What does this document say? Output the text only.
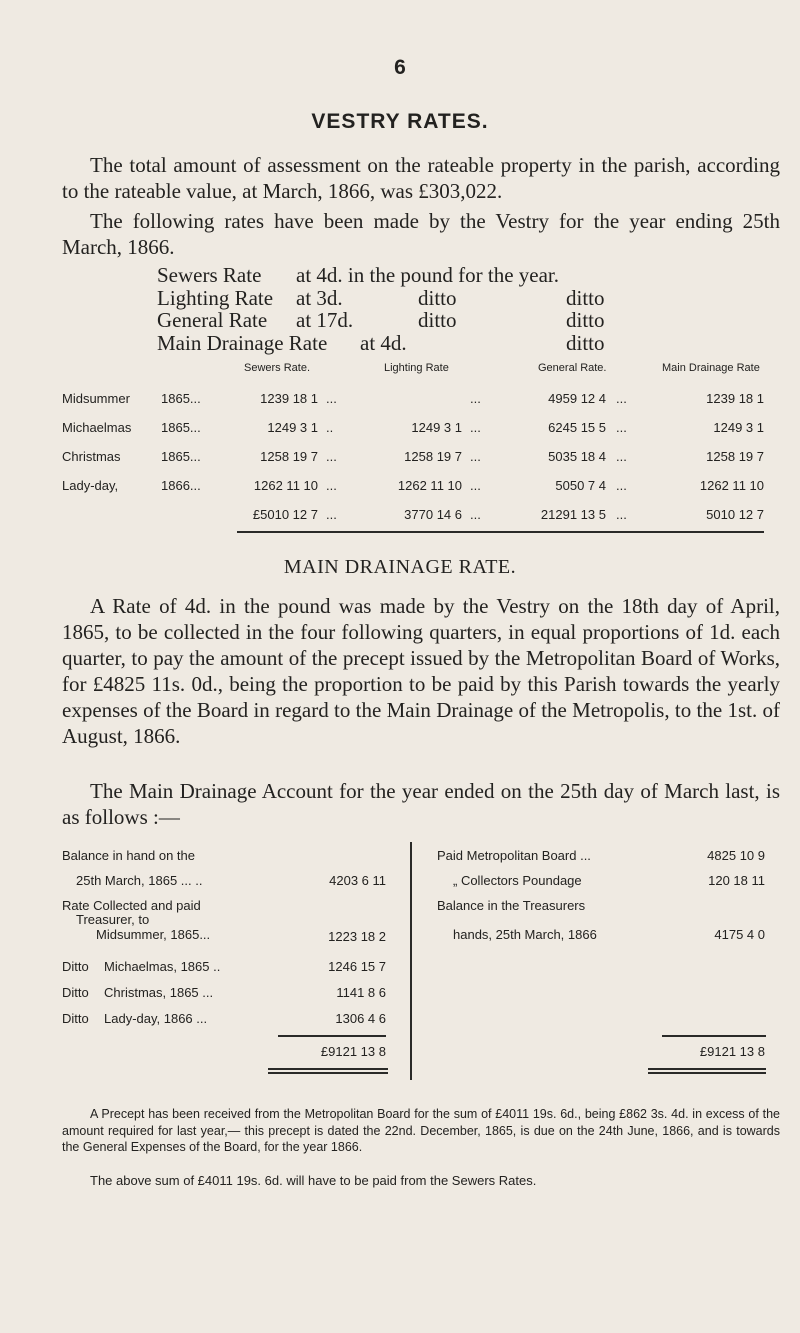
6
VESTRY RATES.
The total amount of assessment on the rateable property in the parish, according to the rateable value, at March, 1866, was £303,022.
The following rates have been made by the Vestry for the year ending 25th March, 1866.
Sewers Rate at 4d. in the pound for the year.
Lighting Rate at 3d.	ditto	ditto
General Rate at 17d.	ditto	ditto
Main Drainage Rate at 4d.	ditto
Sewers Rate.	Lighting Rate	General Rate.	Main Drainage Rate
Midsummer 1865...	1239 18 1 ...	...	4959 12 4 ...	1239 18 1
Michaelmas 1865...	1249 3 1 ..	1249 3 1 ...	6245 15 5 ...	1249 3 1
Christmas	1865...	1258 19 7 ...	1258 19 7 ...	5035 18 4 ...	1258 19 7
Lady-day,	1866...	1262 11 10 ...	1262 11 10 ...	5050 7 4 ...	1262 11 10
£5010 12 7 ...	3770 14 6 ...	21291 13 5 ...	5010 12 7
MAIN DRAINAGE RATE.
A Rate of 4d. in the pound was made by the Vestry on the 18th day of April, 1865, to be collected in the four following quarters, in equal proportions of 1d. each quarter, to pay the amount of the precept issued by the Metropolitan Board of Works, for £4825 11s. 0d., being the proportion to be paid by this Parish towards the yearly expenses of the Board in regard to the Main Drainage of the Metropolis, to the 1st. of August, 1866.
The Main Drainage Account for the year ended on the 25th day of March last, is as follows :—
Balance in hand on the
25th March, 1865 ... ..	4203 6 11
Rate Collected and paid
Treasurer, to
Midsummer, 1865...	1223 18 2
Ditto Michaelmas, 1865 ..	1246 15 7
Ditto Christmas, 1865 ...	1141 8 6
Ditto Lady-day, 1866 ...	1306 4 6
£9121 13 8
Paid Metropolitan Board ...	4825 10 9
„ Collectors Poundage	120 18 11
Balance in the Treasurers
hands, 25th March, 1866	4175 4 0
£9121 13 8
A Precept has been received from the Metropolitan Board for the sum of £4011 19s. 6d., being £862 3s. 4d. in excess of the amount required for last year,— this precept is dated the 22nd. December, 1865, is due on the 24th June, 1866, and is towards the General Expenses of the Board, for the year 1866.
The above sum of £4011 19s. 6d. will have to be paid from the Sewers Rates.
